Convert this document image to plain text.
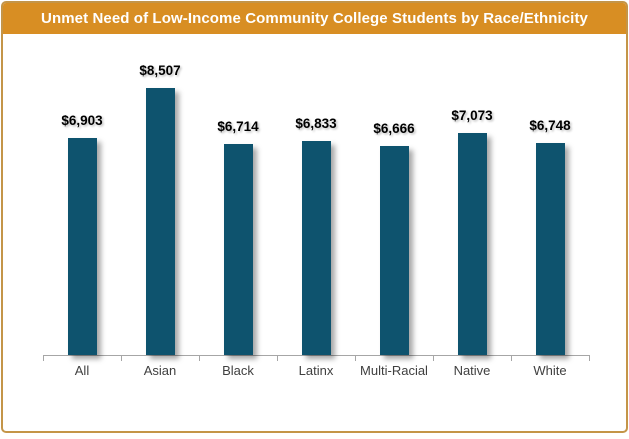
Unmet Need of Low-Income Community College Students by Race/Ethnicity
$6,903
All
$8,507
Asian
$6,714
Black
$6,833
Latinx
$6,666
Multi-Racial
$7,073
Native
$6,748
White
